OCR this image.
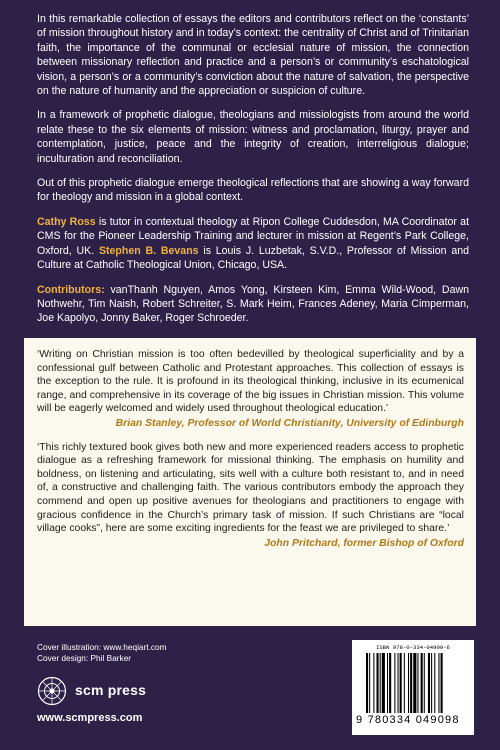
In this remarkable collection of essays the editors and contributors reflect on the ‘constants’ of mission throughout history and in today’s context: the centrality of Christ and of Trinitarian faith, the importance of the communal or ecclesial nature of mission, the connection between missionary reflection and practice and a person’s or community’s eschatological vision, a person’s or a community’s conviction about the nature of salvation, the perspective on the nature of humanity and the appreciation or suspicion of culture.

In a framework of prophetic dialogue, theologians and missiologists from around the world relate these to the six elements of mission: witness and proclamation, liturgy, prayer and contemplation, justice, peace and the integrity of creation, interreligious dialogue; inculturation and reconciliation.

Out of this prophetic dialogue emerge theological reflections that are showing a way forward for theology and mission in a global context.

Cathy Ross is tutor in contextual theology at Ripon College Cuddesdon, MA Coordinator at CMS for the Pioneer Leadership Training and lecturer in mission at Regent’s Park College, Oxford, UK. Stephen B. Bevans is Louis J. Luzbetak, S.V.D., Professor of Mission and Culture at Catholic Theological Union, Chicago, USA.

Contributors: vanThanh Nguyen, Amos Yong, Kirsteen Kim, Emma Wild-Wood, Dawn Nothwehr, Tim Naish, Robert Schreiter, S. Mark Heim, Frances Adeney, Maria Cimperman, Joe Kapolyo, Jonny Baker, Roger Schroeder.

‘Writing on Christian mission is too often bedevilled by theological superficiality and by a confessional gulf between Catholic and Protestant approaches. This collection of essays is the exception to the rule. It is profound in its theological thinking, inclusive in its ecumenical range, and comprehensive in its coverage of the big issues in Christian mission. This volume will be eagerly welcomed and widely used throughout theological education.’

Brian Stanley, Professor of World Christianity, University of Edinburgh

‘This richly textured book gives both new and more experienced readers access to prophetic dialogue as a refreshing framework for missional thinking. The emphasis on humility and boldness, on listening and articulating, sits well with a culture both resistant to, and in need of, a constructive and challenging faith. The various contributors embody the approach they commend and open up positive avenues for theologians and practitioners to engage with gracious confidence in the Church’s primary task of mission. If such Christians are “local village cooks”, here are some exciting ingredients for the feast we are privileged to share.’

John Pritchard, former Bishop of Oxford
Cover illustration: www.heqiart.com
Cover design: Phil Barker
scm press
www.scmpress.com
ISBN 978-0-334-04909-6
9 780334 049098
